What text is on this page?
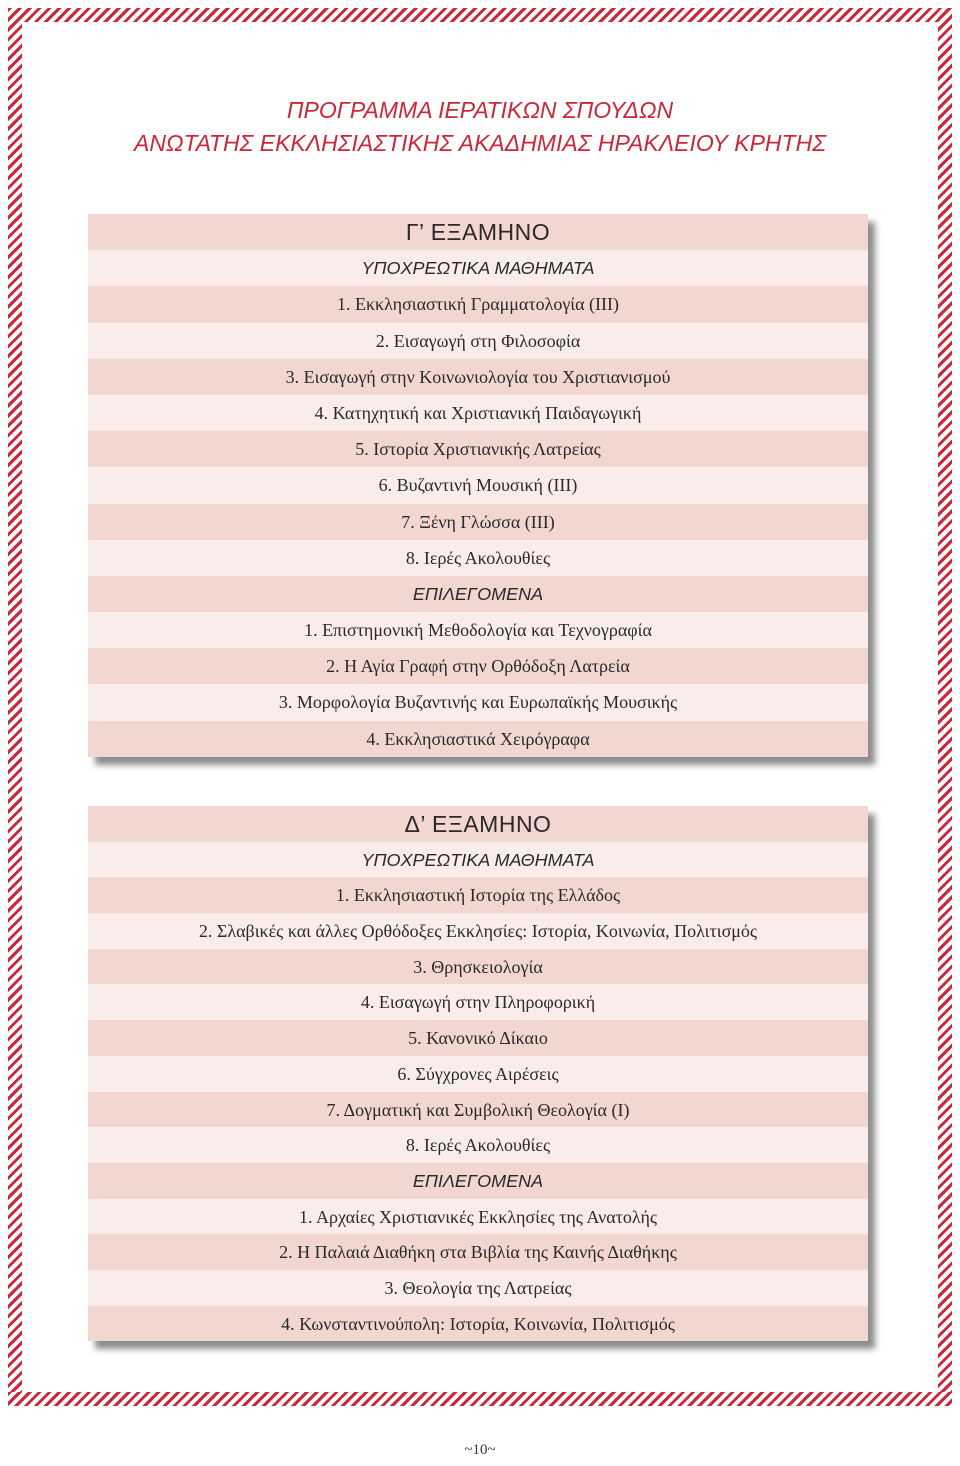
ΠΡΟΓΡΑΜΜΑ ΙΕΡΑΤΙΚΩΝ ΣΠΟΥΔΩΝ
ΑΝΩΤΑΤΗΣ ΕΚΚΛΗΣΙΑΣΤΙΚΗΣ ΑΚΑΔΗΜΙΑΣ ΗΡΑΚΛΕΙΟΥ ΚΡΗΤΗΣ
Γ’ ΕΞΑΜΗΝΟ
ΥΠΟΧΡΕΩΤΙΚΑ ΜΑΘΗΜΑΤΑ
1. Εκκλησιαστική Γραμματολογία (ΙΙΙ)
2. Εισαγωγή στη Φιλοσοφία
3. Εισαγωγή στην Κοινωνιολογία του Χριστιανισμού
4. Κατηχητική και Χριστιανική Παιδαγωγική
5. Ιστορία Χριστιανικής Λατρείας
6. Βυζαντινή Μουσική (ΙΙΙ)
7. Ξένη Γλώσσα (ΙΙΙ)
8. Ιερές Ακολουθίες
ΕΠΙΛΕΓΟΜΕΝΑ
1. Επιστημονική Μεθοδολογία και Τεχνογραφία
2. Η Αγία Γραφή στην Ορθόδοξη Λατρεία
3. Μορφολογία Βυζαντινής και Ευρωπαϊκής Μουσικής
4. Εκκλησιαστικά Χειρόγραφα
Δ’ ΕΞΑΜΗΝΟ
ΥΠΟΧΡΕΩΤΙΚΑ ΜΑΘΗΜΑΤΑ
1. Εκκλησιαστική Ιστορία της Ελλάδος
2. Σλαβικές και άλλες Ορθόδοξες Εκκλησίες: Ιστορία, Κοινωνία, Πολιτισμός
3. Θρησκειολογία
4. Εισαγωγή στην Πληροφορική
5. Κανονικό Δίκαιο
6. Σύγχρονες Αιρέσεις
7. Δογματική και Συμβολική Θεολογία (Ι)
8. Ιερές Ακολουθίες
ΕΠΙΛΕΓΟΜΕΝΑ
1. Αρχαίες Χριστιανικές Εκκλησίες της Ανατολής
2. Η Παλαιά Διαθήκη στα Βιβλία της Καινής Διαθήκης
3. Θεολογία της Λατρείας
4. Κωνσταντινούπολη: Ιστορία, Κοινωνία, Πολιτισμός
~10~
